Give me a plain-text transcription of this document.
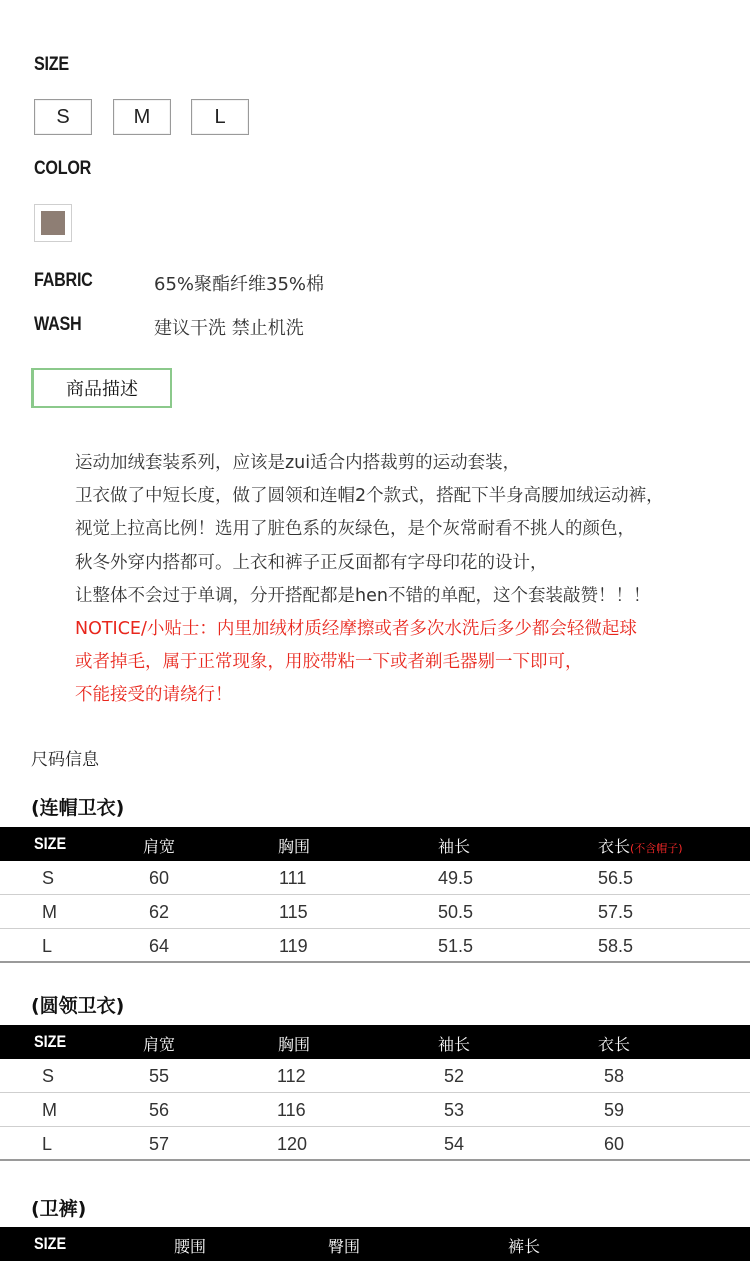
SIZE
S	M	L
COLOR
FABRIC	65%聚酯纤维35%棉
WASH	建议干洗 禁止机洗
商品描述
运动加绒套装系列，应该是zui适合内搭裁剪的运动套装，
卫衣做了中短长度，做了圆领和连帽2个款式，搭配下半身高腰加绒运动裤，
视觉上拉高比例！选用了脏色系的灰绿色，是个灰常耐看不挑人的颜色，
秋冬外穿内搭都可。上衣和裤子正反面都有字母印花的设计，
让整体不会过于单调，分开搭配都是hen不错的单配，这个套装敲赞！！！
NOTICE/小贴士：内里加绒材质经摩擦或者多次水洗后多少都会轻微起球
或者掉毛，属于正常现象，用胶带粘一下或者剃毛器剔一下即可，
不能接受的请绕行！
尺码信息
(连帽卫衣)
SIZE	肩宽	胸围	袖长	衣长(不含帽子)
S	60	111	49.5	56.5
M	62	115	50.5	57.5
L	64	119	51.5	58.5
(圆领卫衣)
SIZE	肩宽	胸围	袖长	衣长
S	55	112	52	58
M	56	116	53	59
L	57	120	54	60
(卫裤)
SIZE	腰围	臀围	裤长
